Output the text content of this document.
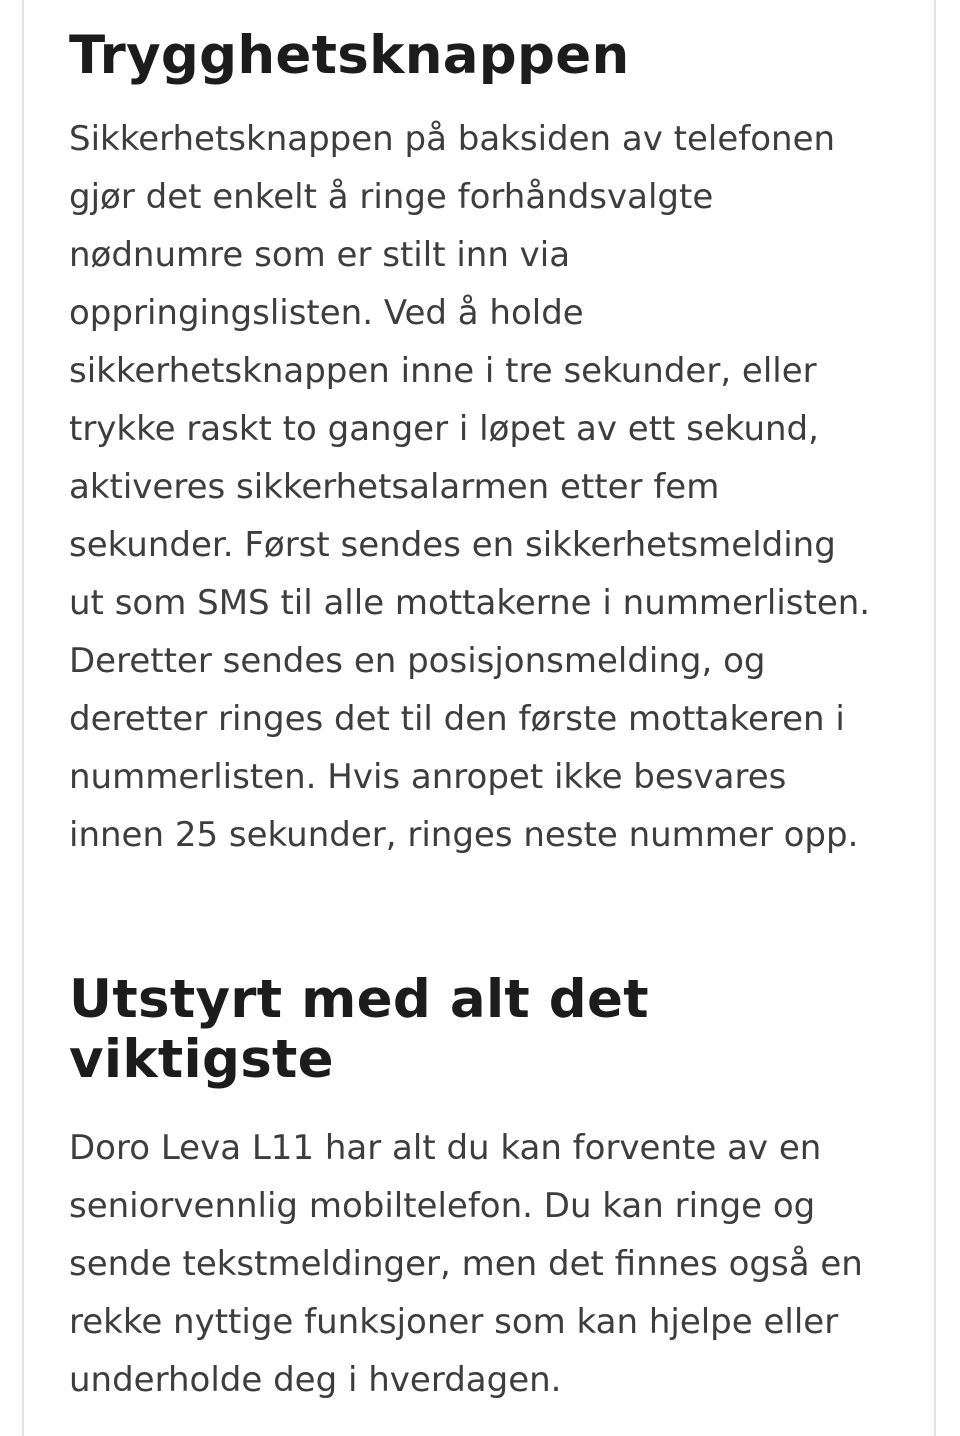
Trygghetsknappen

Sikkerhetsknappen på baksiden av telefonen
gjør det enkelt å ringe forhåndsvalgte
nødnumre som er stilt inn via
oppringingslisten. Ved å holde
sikkerhetsknappen inne i tre sekunder, eller
trykke raskt to ganger i løpet av ett sekund,
aktiveres sikkerhetsalarmen etter fem
sekunder. Først sendes en sikkerhetsmelding
ut som SMS til alle mottakerne i nummerlisten.
Deretter sendes en posisjonsmelding, og
deretter ringes det til den første mottakeren i
nummerlisten. Hvis anropet ikke besvares
innen 25 sekunder, ringes neste nummer opp.

Utstyrt med alt det viktigste

Doro Leva L11 har alt du kan forvente av en
seniorvennlig mobiltelefon. Du kan ringe og
sende tekstmeldinger, men det finnes også en
rekke nyttige funksjoner som kan hjelpe eller
underholde deg i hverdagen.
